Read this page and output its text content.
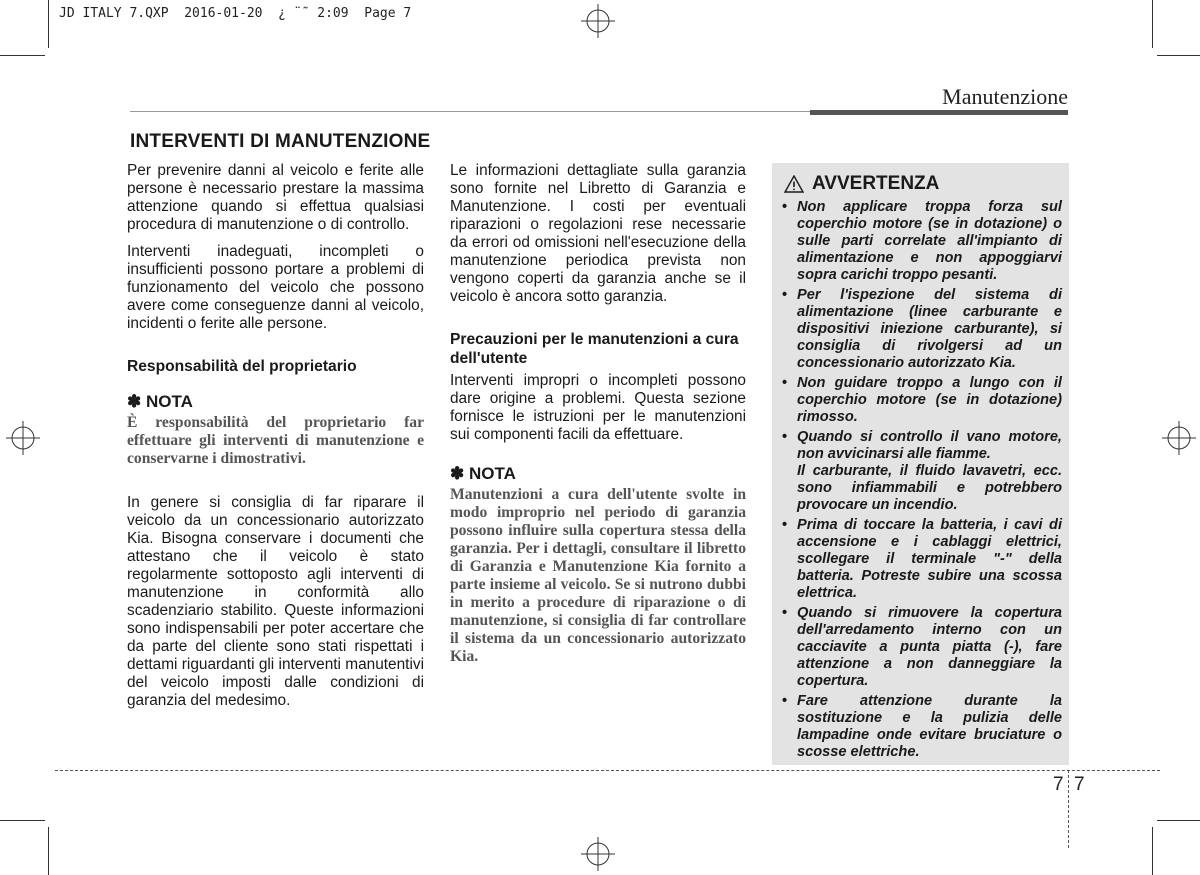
JD ITALY 7.QXP  2016-01-20  ¿ ¨˜ 2:09  Page 7
Manutenzione
INTERVENTI DI MANUTENZIONE

Per prevenire danni al veicolo e ferite alle persone è necessario prestare la massima attenzione quando si effettua qualsiasi procedura di manutenzione o di controllo.

Interventi inadeguati, incompleti o insufficienti possono portare a problemi di funzionamento del veicolo che possono avere come conseguenze danni al veicolo, incidenti o ferite alle persone.

Responsabilità del proprietario
✽ NOTA

È responsabilità del proprietario far effettuare gli interventi di manutenzione e conservarne i dimostrativi.

In genere si consiglia di far riparare il veicolo da un concessionario autorizzato Kia. Bisogna conservare i documenti che attestano che il veicolo è stato regolarmente sottoposto agli interventi di manutenzione in conformità allo scadenziario stabilito. Queste informazioni sono indispensabili per poter accertare che da parte del cliente sono stati rispettati i dettami riguardanti gli interventi manutentivi del veicolo imposti dalle condizioni di garanzia del medesimo.

Le informazioni dettagliate sulla garanzia sono fornite nel Libretto di Garanzia e Manutenzione. I costi per eventuali riparazioni o regolazioni rese necessarie da errori od omissioni nell'esecuzione della manutenzione periodica prevista non vengono coperti da garanzia anche se il veicolo è ancora sotto garanzia.

Precauzioni per le manutenzioni a cura dell'utente

Interventi impropri o incompleti possono dare origine a problemi. Questa sezione fornisce le istruzioni per le manutenzioni sui componenti facili da effettuare.

✽ NOTA

Manutenzioni a cura dell'utente svolte in modo improprio nel periodo di garanzia possono influire sulla copertura stessa della garanzia. Per i dettagli, consultare il libretto di Garanzia e Manutenzione Kia fornito a parte insieme al veicolo. Se si nutrono dubbi in merito a procedure di riparazione o di manutenzione, si consiglia di far controllare il sistema da un concessionario autorizzato Kia.

AVVERTENZA
• Non applicare troppa forza sul coperchio motore (se in dotazione) o sulle parti correlate all'impianto di alimentazione e non appoggiarvi sopra carichi troppo pesanti.
• Per l'ispezione del sistema di alimentazione (linee carburante e dispositivi iniezione carburante), si consiglia di rivolgersi ad un concessionario autorizzato Kia.
• Non guidare troppo a lungo con il coperchio motore (se in dotazione) rimosso.
• Quando si controllo il vano motore, non avvicinarsi alle fiamme.
Il carburante, il fluido lavavetri, ecc. sono infiammabili e potrebbero provocare un incendio.
• Prima di toccare la batteria, i cavi di accensione e i cablaggi elettrici, scollegare il terminale "-" della batteria. Potreste subire una scossa elettrica.
• Quando si rimuovere la copertura dell'arredamento interno con un cacciavite a punta piatta (-), fare attenzione a non danneggiare la copertura.
• Fare attenzione durante la sostituzione e la pulizia delle lampadine onde evitare bruciature o scosse elettriche.
7 7
